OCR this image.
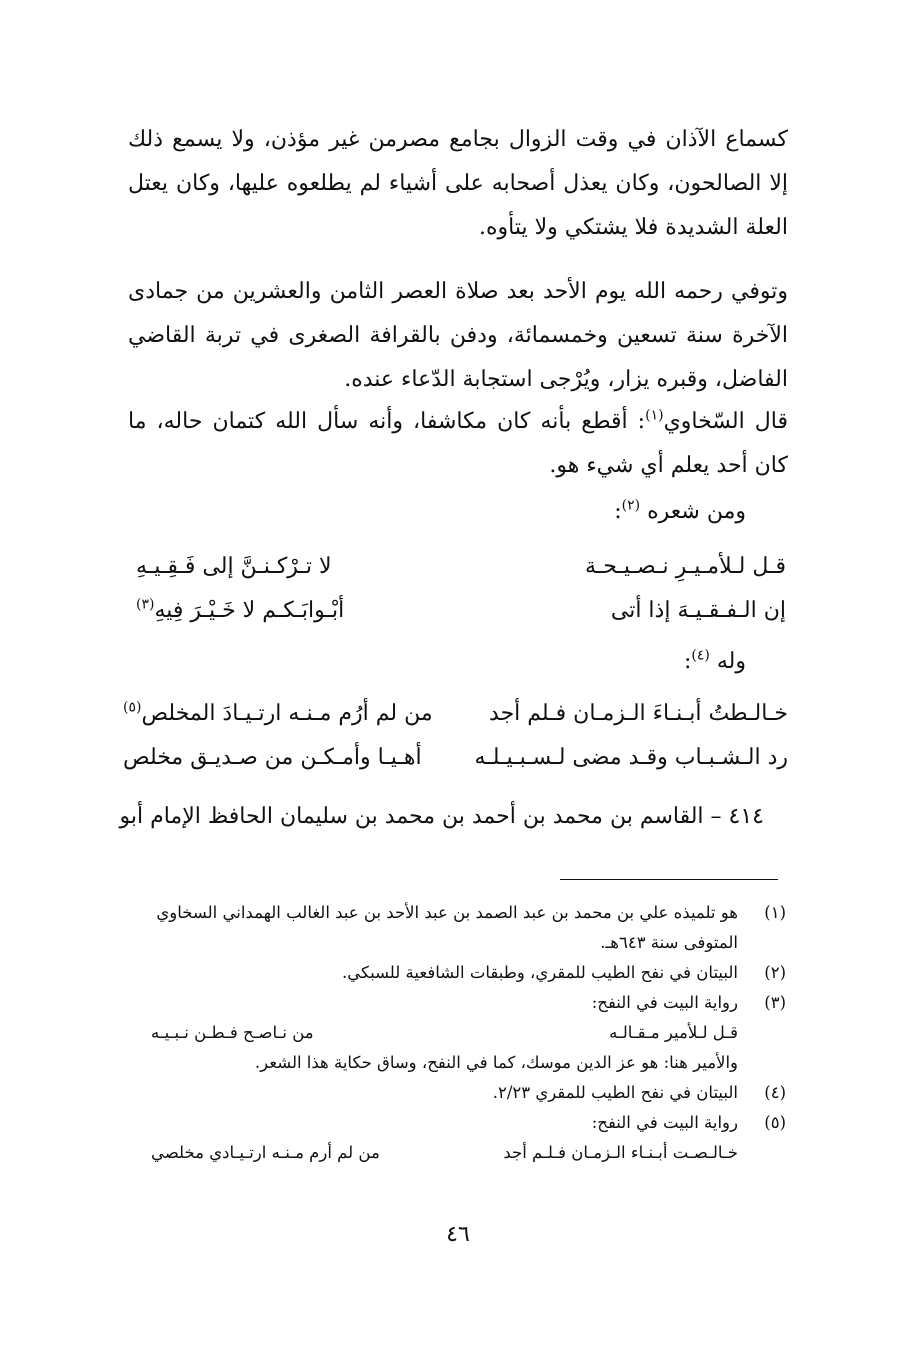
كسماع الآذان في وقت الزوال بجامع مصرمن غير مؤذن، ولا يسمع ذلك إلا الصالحون، وكان يعذل أصحابه على أشياء لم يطلعوه عليها، وكان يعتل العلة الشديدة فلا يشتكي ولا يتأوه.
وتوفي رحمه الله يوم الأحد بعد صلاة العصر الثامن والعشرين من جمادى الآخرة سنة تسعين وخمسمائة، ودفن بالقرافة الصغرى في تربة القاضي الفاضل، وقبره يزار، ويُرْجى استجابة الدّعاء عنده.
قال السّخاوي$^{(١)}$: أقطع بأنه كان مكاشفا، وأنه سأل الله كتمان حاله، ما كان أحد يعلم أي شيء هو.
ومن شعره $^{(٢)}$:
قـل لـلأمـيـرِ نـصـيـحـة
لا تـرْكـنـنَّ إلى فَـقِـيـهِ
إن الـفـقـيـهَ إذا أتى
أبْـوابَـكـم لا خَـيْـرَ فِيهِ$^{(٣)}$
وله $^{(٤)}$:
خـالـطتُ أبـنـاءَ الـزمـان فـلم أجد
من لم أرُم مـنـه ارتـيـادَ المخلص$^{(٥)}$
رد الـشـبـاب وقـد مضى لـسـبـيـلـه
أهـيـا وأمـكـن من صـديـق مخلص
٤١٤ – القاسم بن محمد بن أحمد بن محمد بن سليمان الحافظ الإمام أبو
(١)
هو تلميذه علي بن محمد بن عبد الصمد بن عبد الأحد بن عبد الغالب الهمداني السخاوي
المتوفى سنة ٦٤٣هـ.
(٢)
البيتان في نفح الطيب للمقري، وطبقات الشافعية للسبكي.
(٣)
رواية البيت في النفح:
قـل لـلأمير مـقـالـه
من نـاصـح فـطـن نـبـيـه
والأمير هنا: هو عز الدين موسك، كما في النفح، وساق حكاية هذا الشعر.
(٤)
البيتان في نفح الطيب للمقري ٢/٢٣.
(٥)
رواية البيت في النفح:
خـالـصـت أبـنـاء الـزمـان فـلـم أجد
من لم أرم مـنـه ارتـيـادي مخلصي
٤٦
